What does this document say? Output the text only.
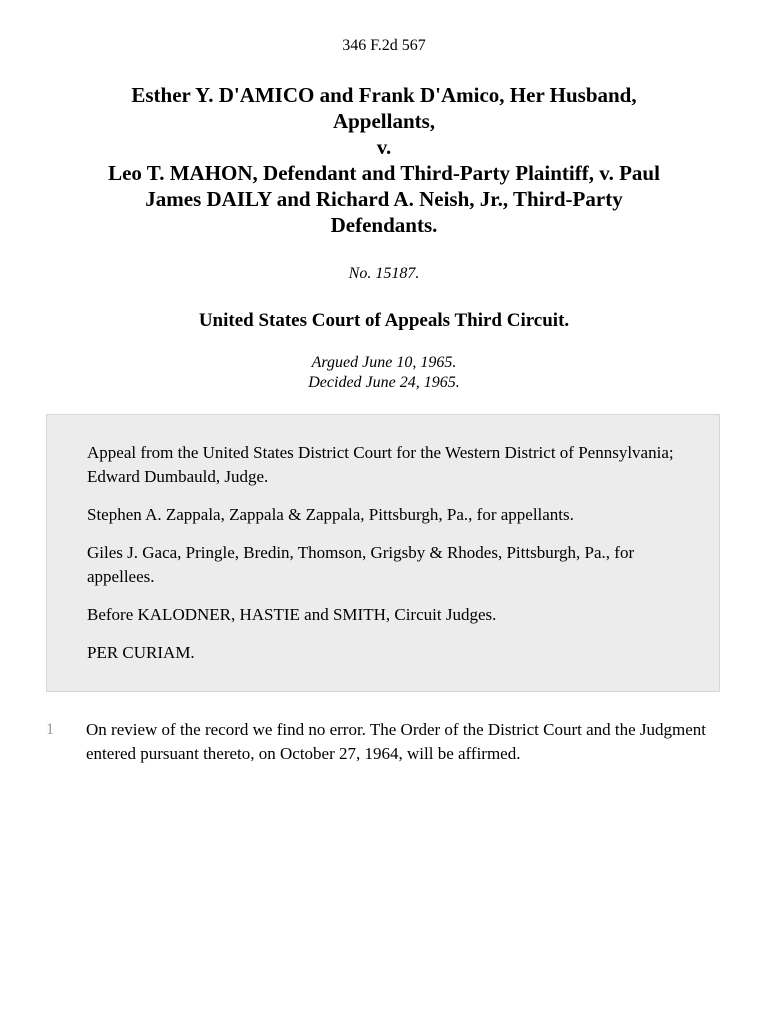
346 F.2d 567
Esther Y. D'AMICO and Frank D'Amico, Her Husband,
Appellants,
v.
Leo T. MAHON, Defendant and Third-Party Plaintiff, v. Paul
James DAILY and Richard A. Neish, Jr., Third-Party
Defendants.
No. 15187.
United States Court of Appeals Third Circuit.
Argued June 10, 1965.
Decided June 24, 1965.

Appeal from the United States District Court for the Western District of Pennsylvania; Edward Dumbauld, Judge.

Stephen A. Zappala, Zappala & Zappala, Pittsburgh, Pa., for appellants.

Giles J. Gaca, Pringle, Bredin, Thomson, Grigsby & Rhodes, Pittsburgh, Pa., for appellees.

Before KALODNER, HASTIE and SMITH, Circuit Judges.

PER CURIAM.

1 On review of the record we find no error. The Order of the District Court and the Judgment entered pursuant thereto, on October 27, 1964, will be affirmed.
